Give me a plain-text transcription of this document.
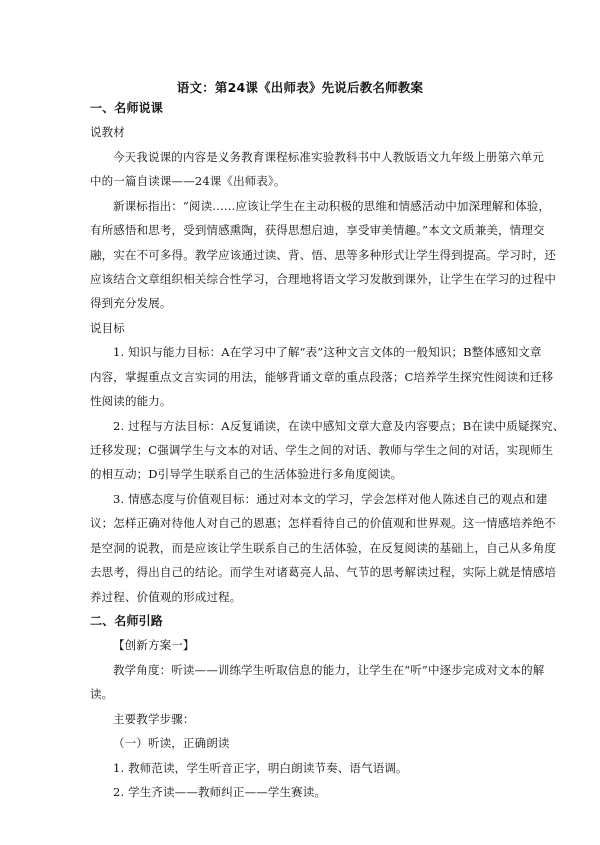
语文：第24课《出师表》先说后教名师教案
一、名师说课
说教材
今天我说课的内容是义务教育课程标准实验教科书中人教版语文九年级上册第六单元
中的一篇自读课——24课《出师表》。
新课标指出：“阅读……应该让学生在主动积极的思维和情感活动中加深理解和体验，
有所感悟和思考，受到情感熏陶，获得思想启迪，享受审美情趣。”本文文质兼美，情理交
融，实在不可多得。教学应该通过读、背、悟、思等多种形式让学生得到提高。学习时，还
应该结合文章组织相关综合性学习，合理地将语文学习发散到课外，让学生在学习的过程中
得到充分发展。
说目标
1. 知识与能力目标：A在学习中了解“表”这种文言文体的一般知识；B整体感知文章
内容，掌握重点文言实词的用法，能够背诵文章的重点段落；C培养学生探究性阅读和迁移
性阅读的能力。
2. 过程与方法目标：A反复诵读，在读中感知文章大意及内容要点；B在读中质疑探究、
迁移发现；C强调学生与文本的对话、学生之间的对话、教师与学生之间的对话，实现师生
的相互动；D引导学生联系自己的生活体验进行多角度阅读。
3. 情感态度与价值观目标：通过对本文的学习，学会怎样对他人陈述自己的观点和建
议；怎样正确对待他人对自己的恩惠；怎样看待自己的价值观和世界观。这一情感培养绝不
是空洞的说教，而是应该让学生联系自己的生活体验，在反复阅读的基础上，自己从多角度
去思考，得出自己的结论。而学生对诸葛亮人品、气节的思考解读过程，实际上就是情感培
养过程、价值观的形成过程。
二、名师引路
【创新方案一】
教学角度：听读——训练学生听取信息的能力，让学生在“听”中逐步完成对文本的解
读。
主要教学步骤：
（一）听读，正确朗读
1. 教师范读，学生听音正字，明白朗读节奏、语气语调。
2. 学生齐读——教师纠正——学生赛读。
